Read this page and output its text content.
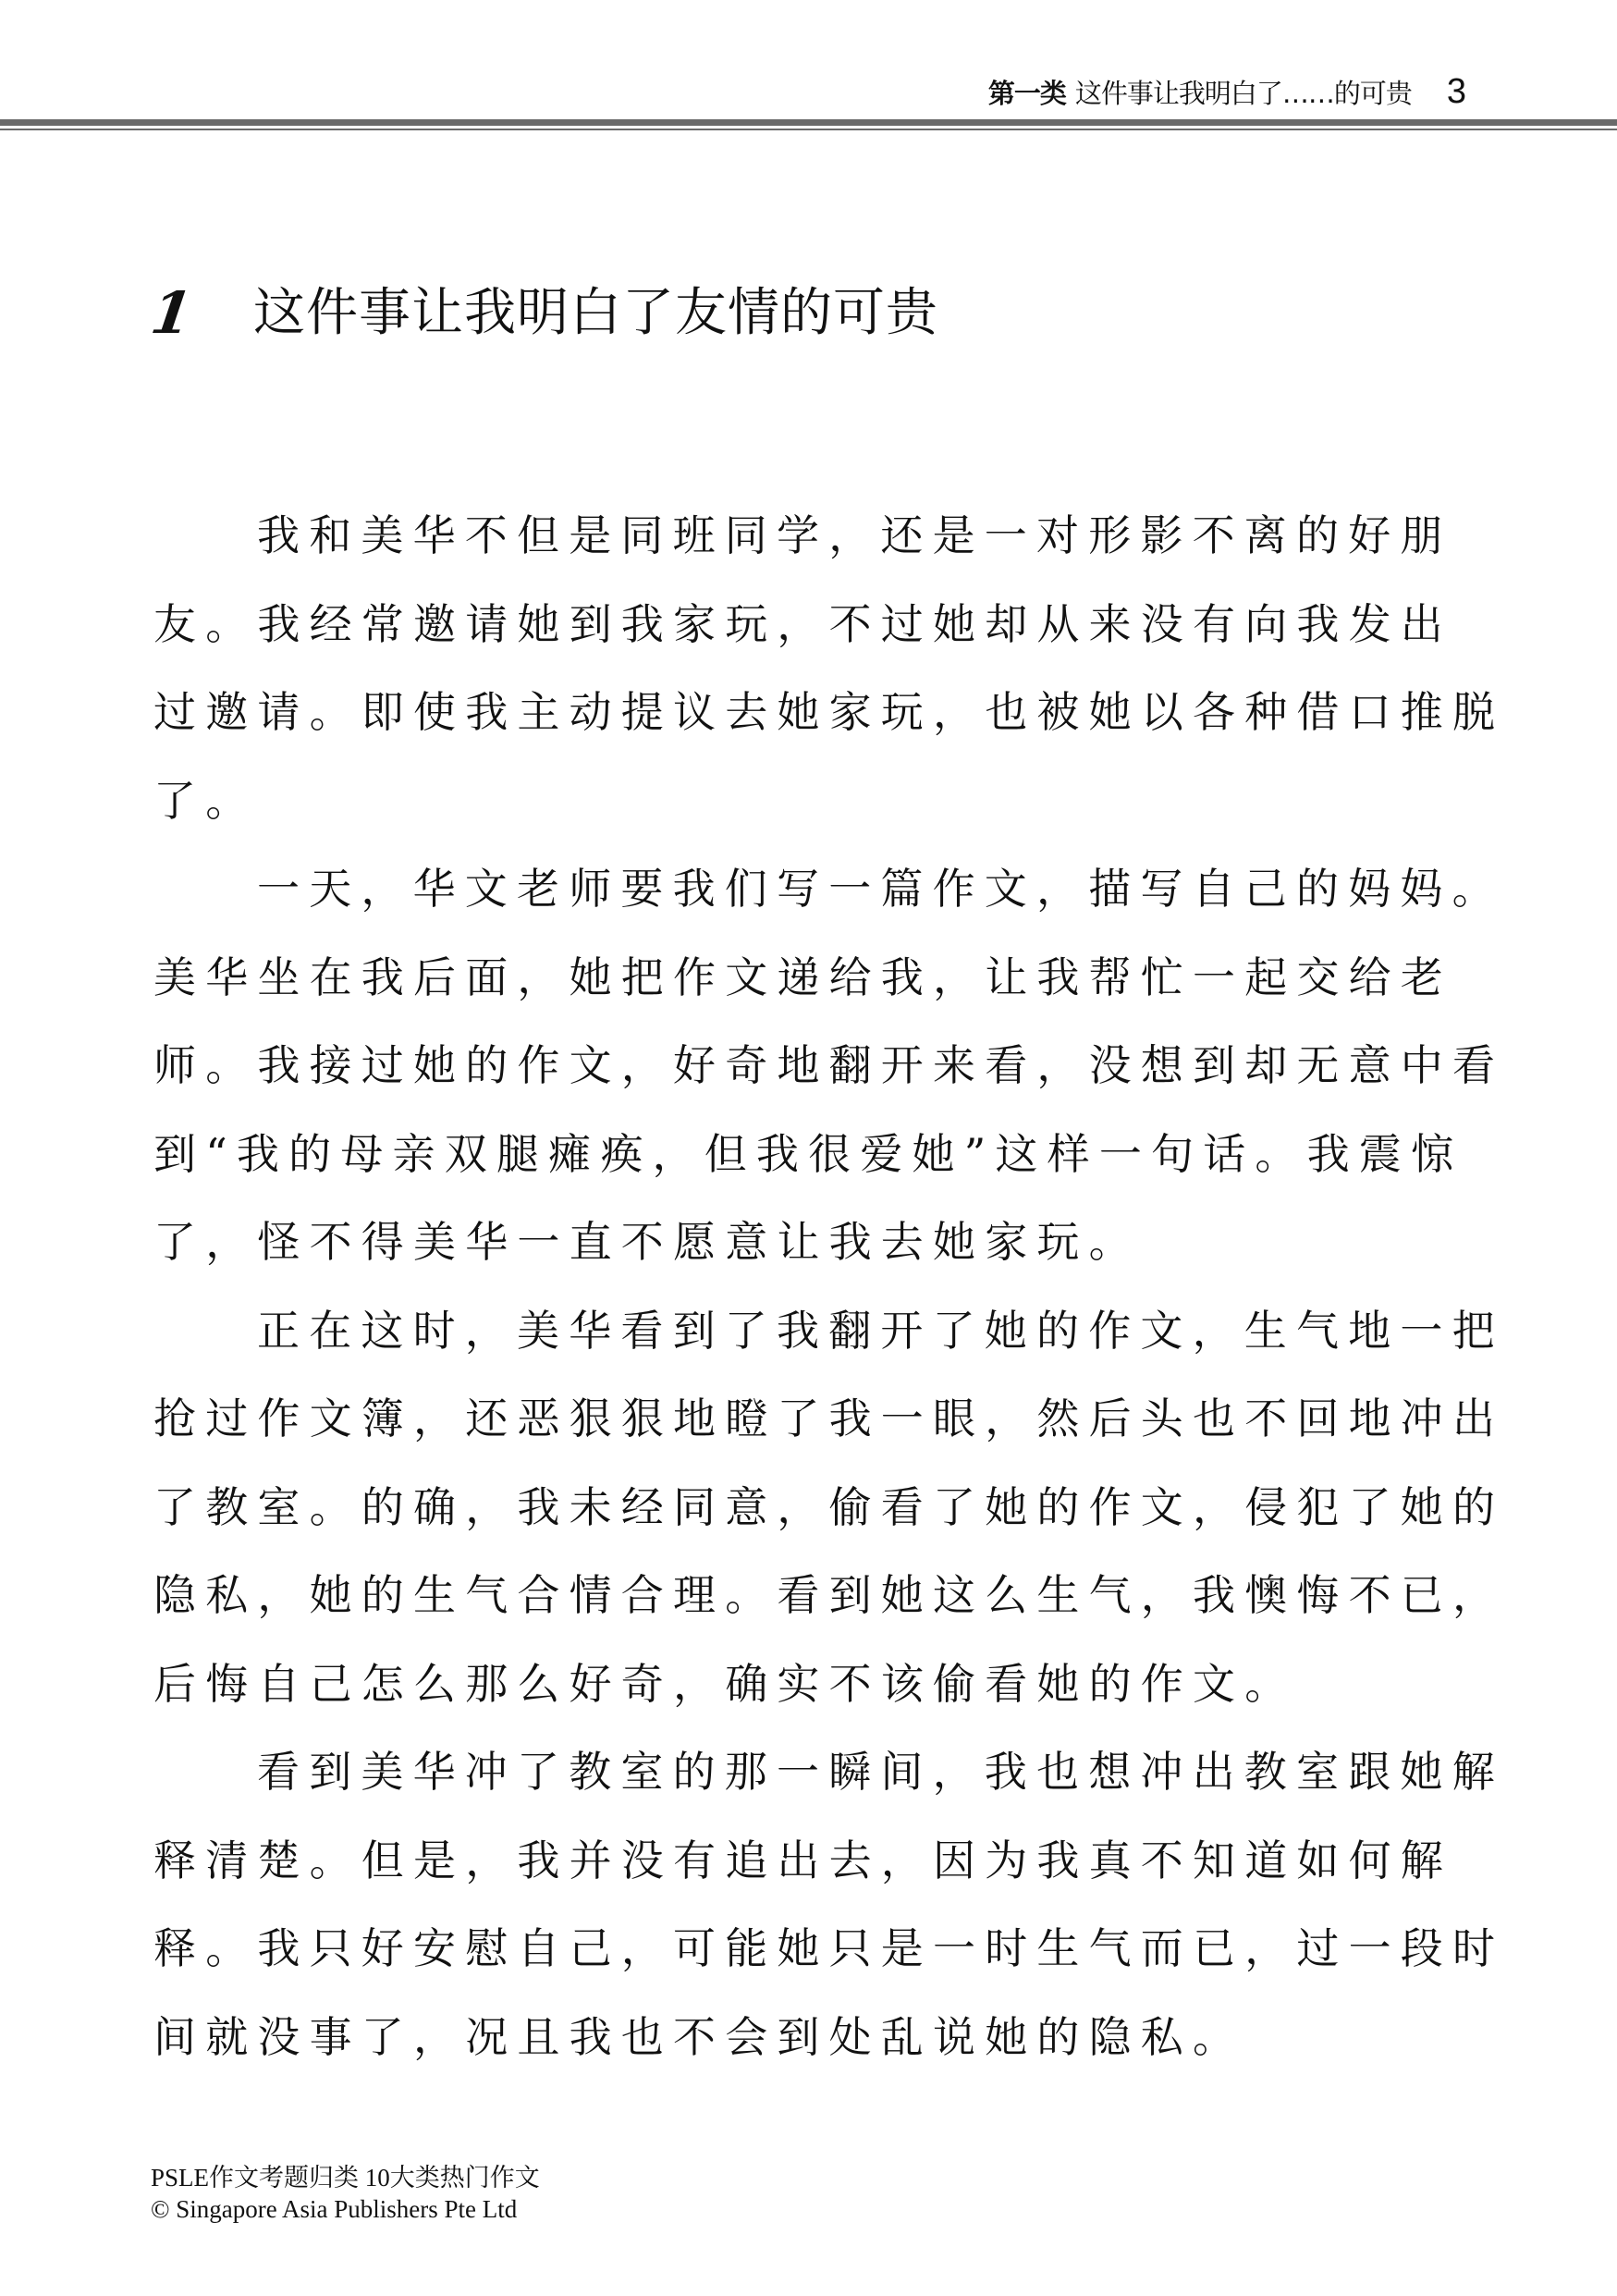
第一类 这件事让我明白了……的可贵 3
1	这件事让我明白了友情的可贵

我和美华不但是同班同学，还是一对形影不离的好朋
友。我经常邀请她到我家玩，不过她却从来没有向我发出
过邀请。即使我主动提议去她家玩，也被她以各种借口推脱
了。

一天，华文老师要我们写一篇作文，描写自己的妈妈。
美华坐在我后面，她把作文递给我，让我帮忙一起交给老
师。我接过她的作文，好奇地翻开来看，没想到却无意中看
到“我的母亲双腿瘫痪，但我很爱她”这样一句话。我震惊
了，怪不得美华一直不愿意让我去她家玩。

正在这时，美华看到了我翻开了她的作文，生气地一把
抢过作文簿，还恶狠狠地瞪了我一眼，然后头也不回地冲出
了教室。的确，我未经同意，偷看了她的作文，侵犯了她的
隐私，她的生气合情合理。看到她这么生气，我懊悔不已，
后悔自己怎么那么好奇，确实不该偷看她的作文。

看到美华冲了教室的那一瞬间，我也想冲出教室跟她解
释清楚。但是，我并没有追出去，因为我真不知道如何解
释。我只好安慰自己，可能她只是一时生气而已，过一段时
间就没事了，况且我也不会到处乱说她的隐私。

PSLE作文考题归类 10大类热门作文
© Singapore Asia Publishers Pte Ltd
